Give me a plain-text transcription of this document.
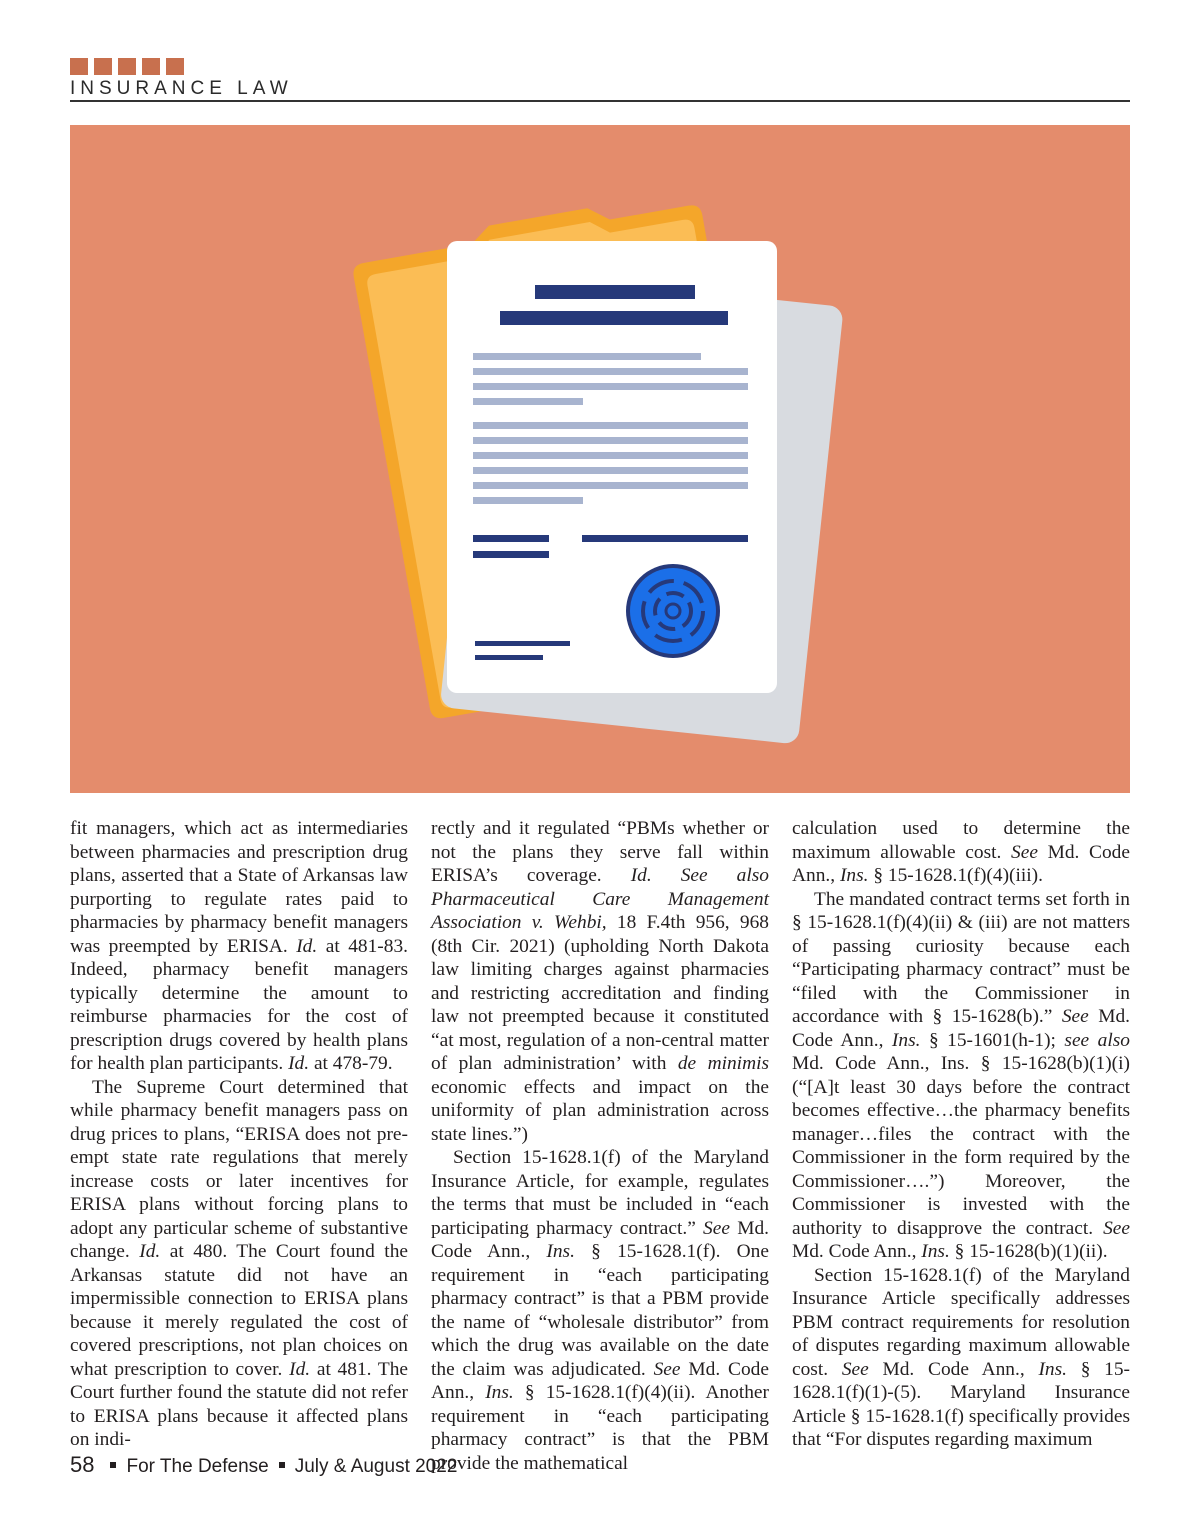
INSURANCE LAW

fit managers, which act as intermediaries between pharmacies and prescription drug plans, asserted that a State of Arkansas law purporting to regulate rates paid to pharmacies by pharmacy benefit managers was preempted by ERISA. Id. at 481-83. Indeed, pharmacy benefit managers typically determine the amount to reimburse pharmacies for the cost of prescription drugs covered by health plans for health plan participants. Id. at 478-79.

The Supreme Court determined that while pharmacy benefit managers pass on drug prices to plans, “ERISA does not pre-empt state rate regulations that merely increase costs or later incentives for ERISA plans without forcing plans to adopt any particular scheme of substantive change. Id. at 480. The Court found the Arkansas statute did not have an impermissible connection to ERISA plans because it merely regulated the cost of covered prescriptions, not plan choices on what prescription to cover. Id. at 481. The Court further found the statute did not refer to ERISA plans because it affected plans on indi-

rectly and it regulated “PBMs whether or not the plans they serve fall within ERISA’s coverage. Id. See also Pharmaceutical Care Management Association v. Wehbi, 18 F.4th 956, 968 (8th Cir. 2021) (upholding North Dakota law limiting charges against pharmacies and restricting accreditation and finding law not preempted because it constituted “at most, regulation of a non-central matter of plan administration’ with de minimis economic effects and impact on the uniformity of plan administration across state lines.”)

Section 15-1628.1(f) of the Maryland Insurance Article, for example, regulates the terms that must be included in “each participating pharmacy contract.” See Md. Code Ann., Ins. § 15-1628.1(f). One requirement in “each participating pharmacy contract” is that a PBM provide the name of “wholesale distributor” from which the drug was available on the date the claim was adjudicated. See Md. Code Ann., Ins. § 15-1628.1(f)(4)(ii). Another requirement in “each participating pharmacy contract” is that the PBM provide the mathematical

calculation used to determine the maximum allowable cost. See Md. Code Ann., Ins. § 15-1628.1(f)(4)(iii).

The mandated contract terms set forth in § 15-1628.1(f)(4)(ii) & (iii) are not matters of passing curiosity because each “Participating pharmacy contract” must be “filed with the Commissioner in accordance with § 15-1628(b).” See Md. Code Ann., Ins. § 15-1601(h-1); see also Md. Code Ann., Ins. § 15-1628(b)(1)(i) (“[A]t least 30 days before the contract becomes effective…the pharmacy benefits manager…files the contract with the Commissioner in the form required by the Commissioner….”) Moreover, the Commissioner is invested with the authority to disapprove the contract. See Md. Code Ann., Ins. § 15-1628(b)(1)(ii).

Section 15-1628.1(f) of the Maryland Insurance Article specifically addresses PBM contract requirements for resolution of disputes regarding maximum allowable cost. See Md. Code Ann., Ins. § 15-1628.1(f)(1)-(5). Maryland Insurance Article § 15-1628.1(f) specifically provides that “For disputes regarding maximum

58 For The Defense July & August 2022
